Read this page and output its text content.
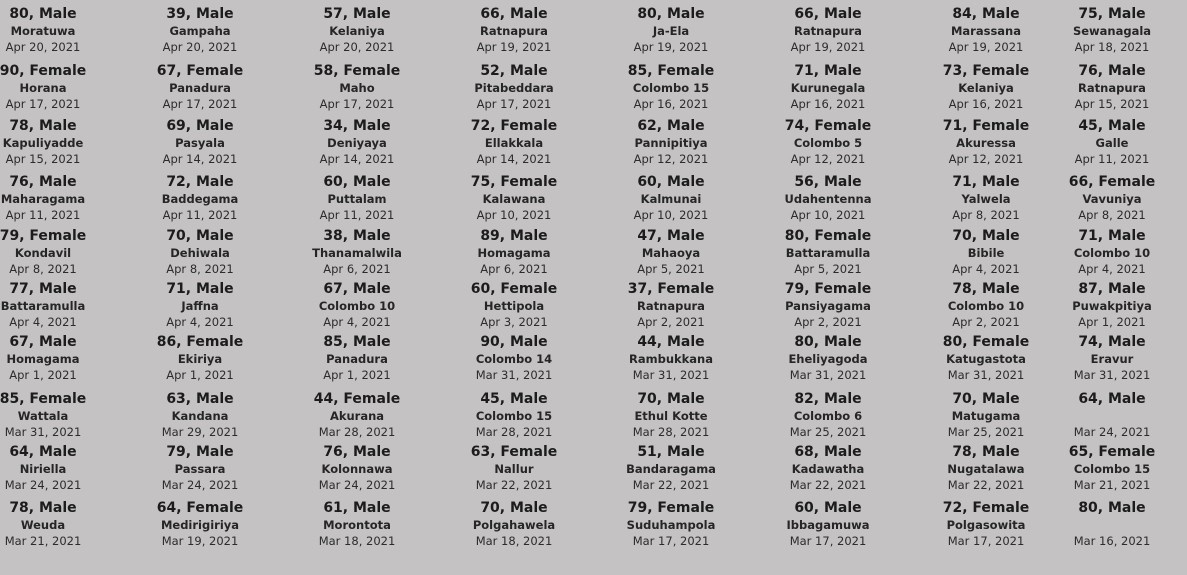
80, Male
Moratuwa
Apr 20, 2021
39, Male
Gampaha
Apr 20, 2021
57, Male
Kelaniya
Apr 20, 2021
66, Male
Ratnapura
Apr 19, 2021
80, Male
Ja-Ela
Apr 19, 2021
66, Male
Ratnapura
Apr 19, 2021
84, Male
Marassana
Apr 19, 2021
75, Male
Sewanagala
Apr 18, 2021
90, Female
Horana
Apr 17, 2021
67, Female
Panadura
Apr 17, 2021
58, Female
Maho
Apr 17, 2021
52, Male
Pitabeddara
Apr 17, 2021
85, Female
Colombo 15
Apr 16, 2021
71, Male
Kurunegala
Apr 16, 2021
73, Female
Kelaniya
Apr 16, 2021
76, Male
Ratnapura
Apr 15, 2021
78, Male
Kapuliyadde
Apr 15, 2021
69, Male
Pasyala
Apr 14, 2021
34, Male
Deniyaya
Apr 14, 2021
72, Female
Ellakkala
Apr 14, 2021
62, Male
Pannipitiya
Apr 12, 2021
74, Female
Colombo 5
Apr 12, 2021
71, Female
Akuressa
Apr 12, 2021
45, Male
Galle
Apr 11, 2021
76, Male
Maharagama
Apr 11, 2021
72, Male
Baddegama
Apr 11, 2021
60, Male
Puttalam
Apr 11, 2021
75, Female
Kalawana
Apr 10, 2021
60, Male
Kalmunai
Apr 10, 2021
56, Male
Udahentenna
Apr 10, 2021
71, Male
Yalwela
Apr 8, 2021
66, Female
Vavuniya
Apr 8, 2021
79, Female
Kondavil
Apr 8, 2021
70, Male
Dehiwala
Apr 8, 2021
38, Male
Thanamalwila
Apr 6, 2021
89, Male
Homagama
Apr 6, 2021
47, Male
Mahaoya
Apr 5, 2021
80, Female
Battaramulla
Apr 5, 2021
70, Male
Bibile
Apr 4, 2021
71, Male
Colombo 10
Apr 4, 2021
77, Male
Battaramulla
Apr 4, 2021
71, Male
Jaffna
Apr 4, 2021
67, Male
Colombo 10
Apr 4, 2021
60, Female
Hettipola
Apr 3, 2021
37, Female
Ratnapura
Apr 2, 2021
79, Female
Pansiyagama
Apr 2, 2021
78, Male
Colombo 10
Apr 2, 2021
87, Male
Puwakpitiya
Apr 1, 2021
67, Male
Homagama
Apr 1, 2021
86, Female
Ekiriya
Apr 1, 2021
85, Male
Panadura
Apr 1, 2021
90, Male
Colombo 14
Mar 31, 2021
44, Male
Rambukkana
Mar 31, 2021
80, Male
Eheliyagoda
Mar 31, 2021
80, Female
Katugastota
Mar 31, 2021
74, Male
Eravur
Mar 31, 2021
85, Female
Wattala
Mar 31, 2021
63, Male
Kandana
Mar 29, 2021
44, Female
Akurana
Mar 28, 2021
45, Male
Colombo 15
Mar 28, 2021
70, Male
Ethul Kotte
Mar 28, 2021
82, Male
Colombo 6
Mar 25, 2021
70, Male
Matugama
Mar 25, 2021
64, Male
Mar 24, 2021
64, Male
Niriella
Mar 24, 2021
79, Male
Passara
Mar 24, 2021
76, Male
Kolonnawa
Mar 24, 2021
63, Female
Nallur
Mar 22, 2021
51, Male
Bandaragama
Mar 22, 2021
68, Male
Kadawatha
Mar 22, 2021
78, Male
Nugatalawa
Mar 22, 2021
65, Female
Colombo 15
Mar 21, 2021
78, Male
Weuda
Mar 21, 2021
64, Female
Medirigiriya
Mar 19, 2021
61, Male
Morontota
Mar 18, 2021
70, Male
Polgahawela
Mar 18, 2021
79, Female
Suduhampola
Mar 17, 2021
60, Male
Ibbagamuwa
Mar 17, 2021
72, Female
Polgasowita
Mar 17, 2021
80, Male
Mar 16, 2021
